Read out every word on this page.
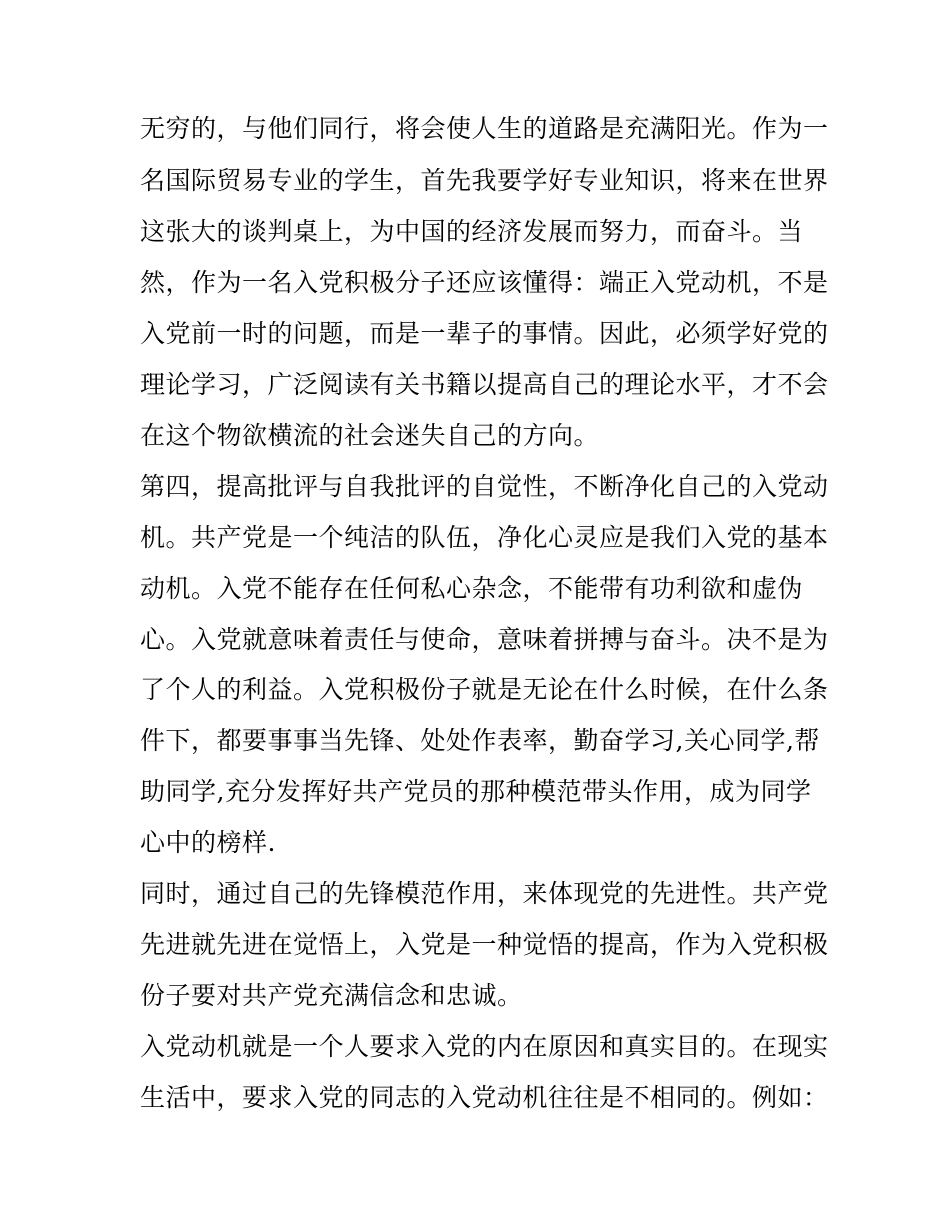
无穷的，与他们同行，将会使人生的道路是充满阳光。作为一
名国际贸易专业的学生，首先我要学好专业知识，将来在世界
这张大的谈判桌上，为中国的经济发展而努力，而奋斗。当
然，作为一名入党积极分子还应该懂得：端正入党动机，不是
入党前一时的问题，而是一辈子的事情。因此，必须学好党的
理论学习，广泛阅读有关书籍以提高自己的理论水平，才不会
在这个物欲横流的社会迷失自己的方向。
第四，提高批评与自我批评的自觉性，不断净化自己的入党动
机。共产党是一个纯洁的队伍，净化心灵应是我们入党的基本
动机。入党不能存在任何私心杂念，不能带有功利欲和虚伪
心。入党就意味着责任与使命，意味着拼搏与奋斗。决不是为
了个人的利益。入党积极份子就是无论在什么时候，在什么条
件下，都要事事当先锋、处处作表率，勤奋学习,关心同学,帮
助同学,充分发挥好共产党员的那种模范带头作用，成为同学
心中的榜样.
同时，通过自己的先锋模范作用，来体现党的先进性。共产党
先进就先进在觉悟上，入党是一种觉悟的提高，作为入党积极
份子要对共产党充满信念和忠诚。
入党动机就是一个人要求入党的内在原因和真实目的。在现实
生活中，要求入党的同志的入党动机往往是不相同的。例如：
